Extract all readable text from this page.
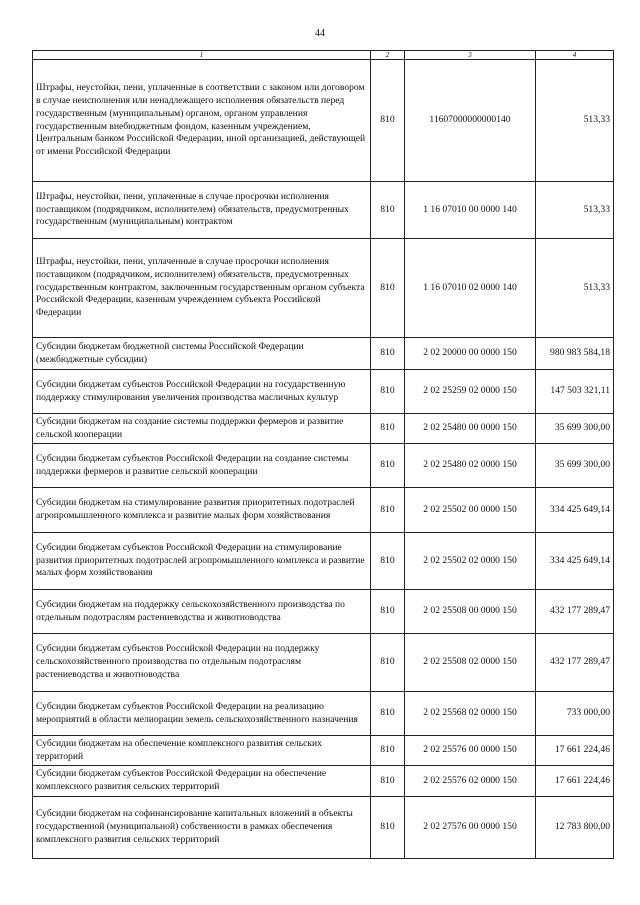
44
1	2	3	4
Штрафы, неустойки, пени, уплаченные в соответствии с законом или договором в случае неисполнения или ненадлежащего исполнения обязательств перед государственным (муниципальным) органом, органом управления государственным внебюджетным фондом, казенным учреждением, Центральным банком Российской Федерации, иной организацией, действующей от имени Российской Федерации	810	11607000000000140	513,33
Штрафы, неустойки, пени, уплаченные в случае просрочки исполнения поставщиком (подрядчиком, исполнителем) обязательств, предусмотренных государственным (муниципальным) контрактом	810	1 16 07010 00 0000 140	513,33
Штрафы, неустойки, пени, уплаченные в случае просрочки исполнения поставщиком (подрядчиком, исполнителем) обязательств, предусмотренных государственным контрактом, заключенным государственным органом субъекта Российской Федерации, казенным учреждением субъекта Российской Федерации	810	1 16 07010 02 0000 140	513,33
Субсидии бюджетам бюджетной системы Российской Федерации (межбюджетные субсидии)	810	2 02 20000 00 0000 150	980 983 584,18
Субсидии бюджетам субъектов Российской Федерации на государственную поддержку стимулирования увеличения производства масличных культур	810	2 02 25259 02 0000 150	147 503 321,11
Субсидии бюджетам на создание системы поддержки фермеров и развитие сельской кооперации	810	2 02 25480 00 0000 150	35 699 300,00
Субсидии бюджетам субъектов Российской Федерации на создание системы поддержки фермеров и развитие сельской кооперации	810	2 02 25480 02 0000 150	35 699 300,00
Субсидии бюджетам на стимулирование развития приоритетных подотраслей агропромышленного комплекса и развитие малых форм хозяйствования	810	2 02 25502 00 0000 150	334 425 649,14
Субсидии бюджетам субъектов Российской Федерации на стимулирование развития приоритетных подотраслей агропромышленного комплекса и развитие малых форм хозяйствования	810	2 02 25502 02 0000 150	334 425 649,14
Субсидии бюджетам на поддержку сельскохозяйственного производства по отдельным подотраслям растениеводства и животноводства	810	2 02 25508 00 0000 150	432 177 289,47
Субсидии бюджетам субъектов Российской Федерации на поддержку сельскохозяйственного производства по отдельным подотраслям растениеводства и животноводства	810	2 02 25508 02 0000 150	432 177 289,47
Субсидии бюджетам субъектов Российской Федерации на реализацию мероприятий в области мелиорации земель сельскохозяйственного назначения	810	2 02 25568 02 0000 150	733 000,00
Субсидии бюджетам на обеспечение комплексного развития сельских территорий	810	2 02 25576 00 0000 150	17 661 224,46
Субсидии бюджетам субъектов Российской Федерации на обеспечение комплексного развития сельских территорий	810	2 02 25576 02 0000 150	17 661 224,46
Субсидии бюджетам на софинансирование капитальных вложений в объекты государственной (муниципальной) собственности в рамках обеспечения комплексного развития сельских территорий	810	2 02 27576 00 0000 150	12 783 800,00
